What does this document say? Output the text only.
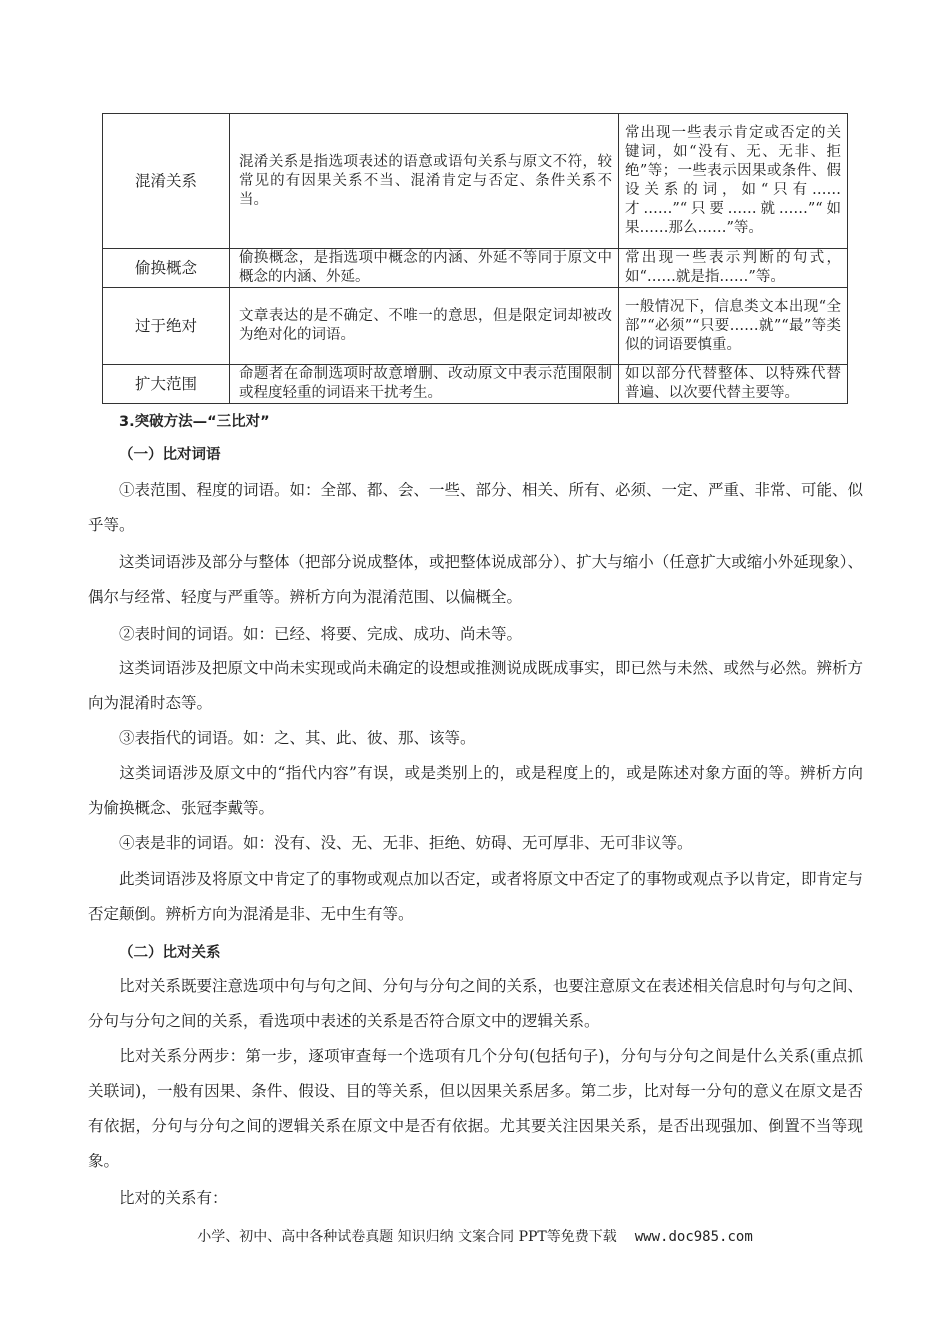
混淆关系	混淆关系是指选项表述的语意或语句关系与原文不符，较常见的有因果关系不当、混淆肯定与否定、条件关系不当。	常出现一些表示肯定或否定的关键词，如“没有、无、无非、拒绝”等；一些表示因果或条件、假设关系的词，如“只有……才……”“只要……就……”“如果……那么……”等。
偷换概念	偷换概念，是指选项中概念的内涵、外延不等同于原文中概念的内涵、外延。	常出现一些表示判断的句式，如“……就是指……”等。
过于绝对	文章表达的是不确定、不唯一的意思，但是限定词却被改为绝对化的词语。	一般情况下，信息类文本出现“全部”“必须”“只要……就”“最”等类似的词语要慎重。
扩大范围	命题者在命制选项时故意增删、改动原文中表示范围限制或程度轻重的词语来干扰考生。	如以部分代替整体、以特殊代替普遍、以次要代替主要等。
3.突破方法—“三比对”
（一）比对词语
①表范围、程度的词语。如：全部、都、会、一些、部分、相关、所有、必须、一定、严重、非常、可能、似乎等。
这类词语涉及部分与整体（把部分说成整体，或把整体说成部分）、扩大与缩小（任意扩大或缩小外延现象）、偶尔与经常、轻度与严重等。辨析方向为混淆范围、以偏概全。
②表时间的词语。如：已经、将要、完成、成功、尚未等。
这类词语涉及把原文中尚未实现或尚未确定的设想或推测说成既成事实，即已然与未然、或然与必然。辨析方向为混淆时态等。
③表指代的词语。如：之、其、此、彼、那、该等。
这类词语涉及原文中的“指代内容”有误，或是类别上的，或是程度上的，或是陈述对象方面的等。辨析方向为偷换概念、张冠李戴等。
④表是非的词语。如：没有、没、无、无非、拒绝、妨碍、无可厚非、无可非议等。
此类词语涉及将原文中肯定了的事物或观点加以否定，或者将原文中否定了的事物或观点予以肯定，即肯定与否定颠倒。辨析方向为混淆是非、无中生有等。
（二）比对关系
比对关系既要注意选项中句与句之间、分句与分句之间的关系，也要注意原文在表述相关信息时句与句之间、分句与分句之间的关系，看选项中表述的关系是否符合原文中的逻辑关系。
比对关系分两步：第一步，逐项审查每一个选项有几个分句(包括句子)，分句与分句之间是什么关系(重点抓关联词)，一般有因果、条件、假设、目的等关系，但以因果关系居多。第二步，比对每一分句的意义在原文是否有依据，分句与分句之间的逻辑关系在原文中是否有依据。尤其要关注因果关系，是否出现强加、倒置不当等现象。
比对的关系有：
小学、初中、高中各种试卷真题 知识归纳 文案合同 PPT等免费下载 www.doc985.com
